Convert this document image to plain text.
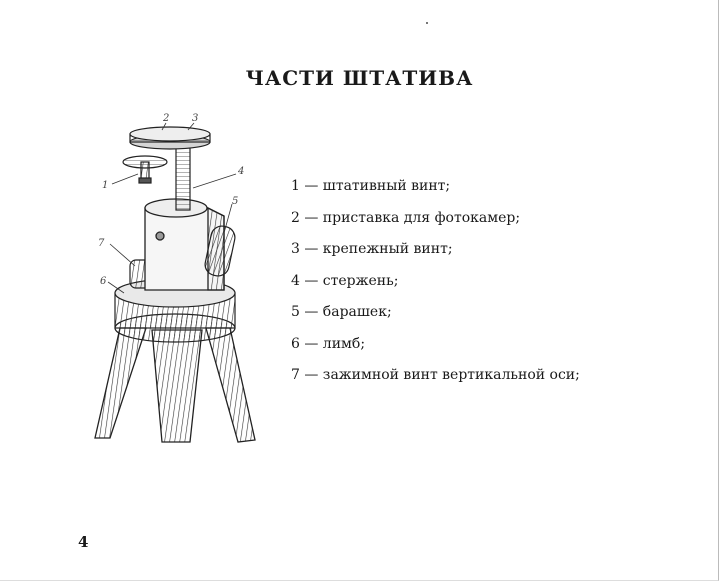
ЧАСТИ ШТАТИВА
1
2 3
4
5
6
7
1 — штативный винт;
2 — приставка для фотокамер;
3 — крепежный винт;
4 — стержень;
5 — барашек;
6 — лимб;
7 — зажимной винт вертикальной оси;
4
